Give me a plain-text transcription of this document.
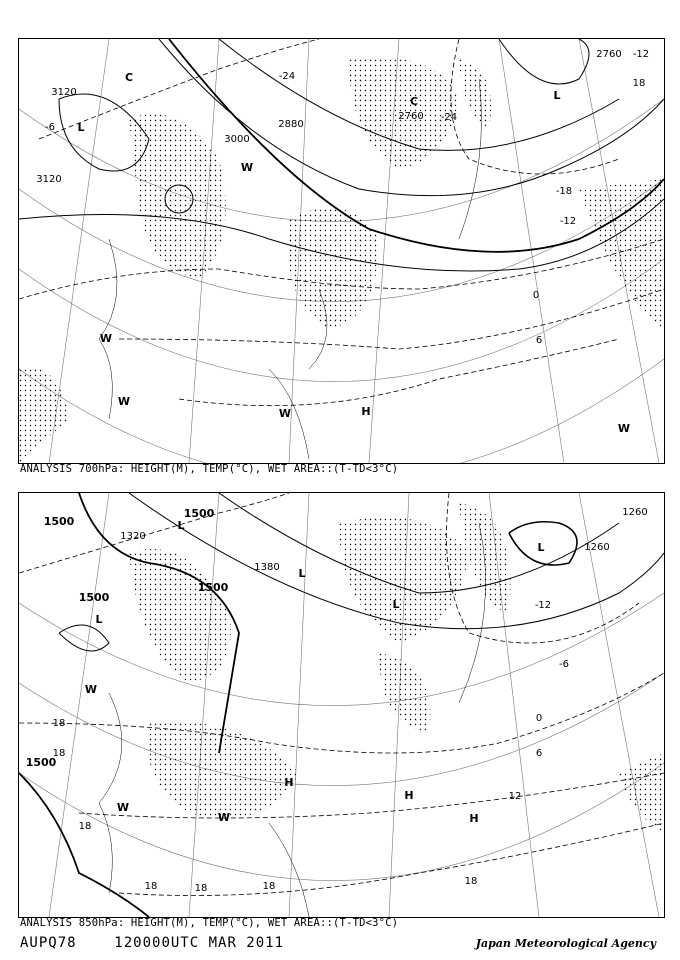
3120
3120
3000
2880
2760
2760
-24
-24
-18
-12
-12
-6
0
6
18
L
L
C
C
W
W
W
W
W
H
ANALYSIS 700hPa: HEIGHT(M), TEMP(°C), WET AREA::(T-TD<3°C)
1500
1500
1500
1500
1500
1380
1320
1260
1260
-12
-6
0
6
12
18
18
18
18	18	18	18
L
L
L
L
L
W
W
W
H
H
H
ANALYSIS 850hPa: HEIGHT(M), TEMP(°C), WET AREA::(T-TD<3°C)
AUPQ78	120000UTC MAR 2011	Japan Meteorological Agency
